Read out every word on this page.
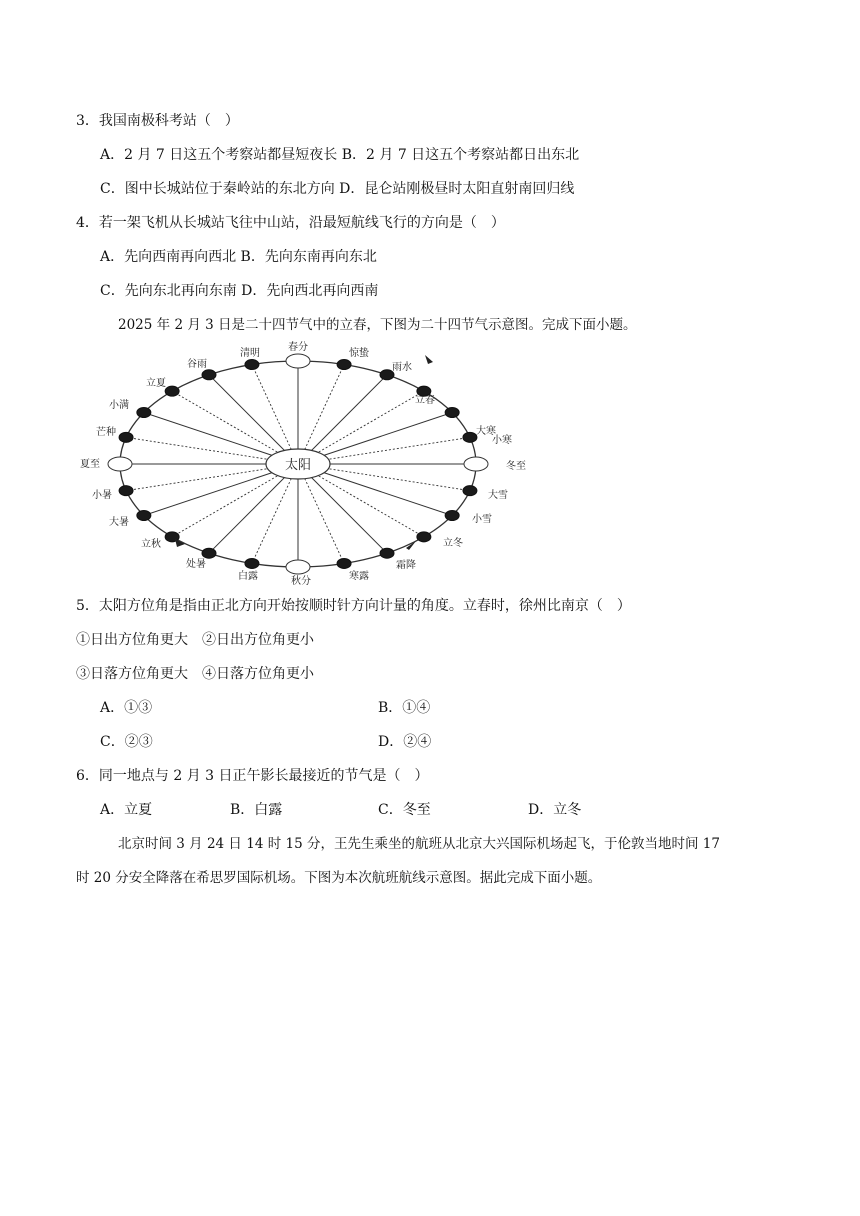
3．我国南极科考站（　）
A．2 月 7 日这五个考察站都昼短夜长 B．2 月 7 日这五个考察站都日出东北
C．图中长城站位于秦岭站的东北方向 D．昆仑站刚极昼时太阳直射南回归线
4．若一架飞机从长城站飞往中山站，沿最短航线飞行的方向是（　）
A．先向西南再向西北 B．先向东南再向东北
C．先向东北再向东南 D．先向西北再向西南
2025 年 2 月 3 日是二十四节气中的立春，下图为二十四节气示意图。完成下面小题。
太阳
春分
惊蛰
雨水
立春
大寒
小寒
冬至
大雪
小雪
立冬
霜降
寒露
秋分
白露
处暑
立秋
大暑
小暑
夏至
芒种
小满
立夏
谷雨
清明
5．太阳方位角是指由正北方向开始按顺时针方向计量的角度。立春时，徐州比南京（　）
①日出方位角更大　②日出方位角更小
③日落方位角更大　④日落方位角更小
A．①③	B．①④
C．②③	D．②④
6．同一地点与 2 月 3 日正午影长最接近的节气是（　）
A．立夏	B．白露	C．冬至	D．立冬
北京时间 3 月 24 日 14 时 15 分，王先生乘坐的航班从北京大兴国际机场起飞，于伦敦当地时间 17
时 20 分安全降落在希思罗国际机场。下图为本次航班航线示意图。据此完成下面小题。
